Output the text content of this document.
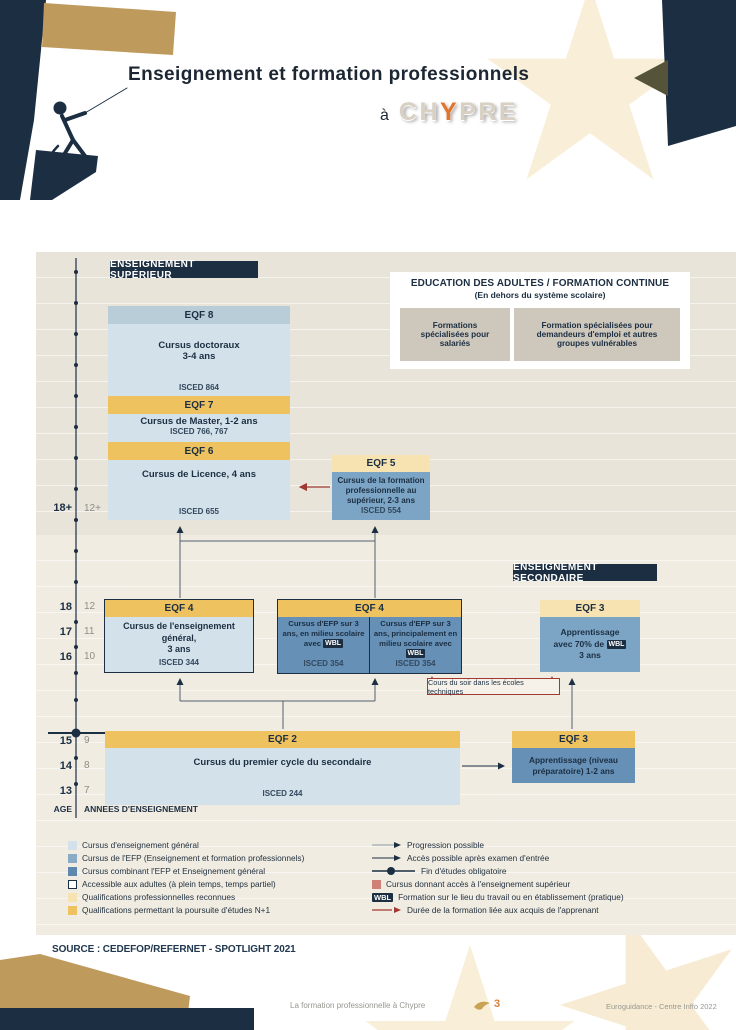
Enseignement et formation professionnels
à CHYPRE
ENSEIGNEMENT SUPÉRIEUR
ENSEIGNEMENT SECONDAIRE
EDUCATION DES ADULTES / FORMATION CONTINUE
(En dehors du système scolaire)
Formations spécialisées pour salariés
Formation spécialisées pour demandeurs d'emploi et autres groupes vulnérables
EQF 8
Cursus doctoraux
3-4 ans
ISCED 864
EQF 7
Cursus de Master, 1-2 ans
ISCED 766, 767
EQF 6
Cursus de Licence, 4 ans
ISCED 655
EQF 5
Cursus de la formation professionnelle au supérieur, 2-3 ans
ISCED 554
EQF 4
Cursus de l'enseignement général,
3 ans
ISCED 344
EQF 4
Cursus d'EFP sur 3 ans, en milieu scolaire avec WBL
ISCED 354
Cursus d'EFP sur 3 ans, principalement en milieu scolaire avec WBL
ISCED 354
EQF 3
Apprentissage
avec 70% de WBL
3 ans
Cours du soir dans les écoles techniques
EQF 2
Cursus du premier cycle du secondaire
ISCED 244
EQF 3
Apprentissage (niveau préparatoire) 1-2 ans
18+ 12+
18 12
17 11
16 10
15 9
14 8
13 7
AGE ANNEES D'ENSEIGNEMENT
Cursus d'enseignement général
Cursus de l'EFP (Enseignement et formation professionnels)
Cursus combinant l'EFP et Enseignement général
Accessible aux adultes (à plein temps, temps partiel)
Qualifications professionnelles reconnues
Qualifications permettant la poursuite d'études N+1
Progression possible
Accès possible après examen d'entrée
Fin d'études obligatoire
Cursus donnant accès à l'enseignement supérieur
WBL Formation sur le lieu du travail ou en établissement (pratique)
Durée de la formation liée aux acquis de l'apprenant
SOURCE : CEDEFOP/REFERNET - SPOTLIGHT 2021
La formation professionnelle à Chypre	3	Euroguidance - Centre Inffo 2022
